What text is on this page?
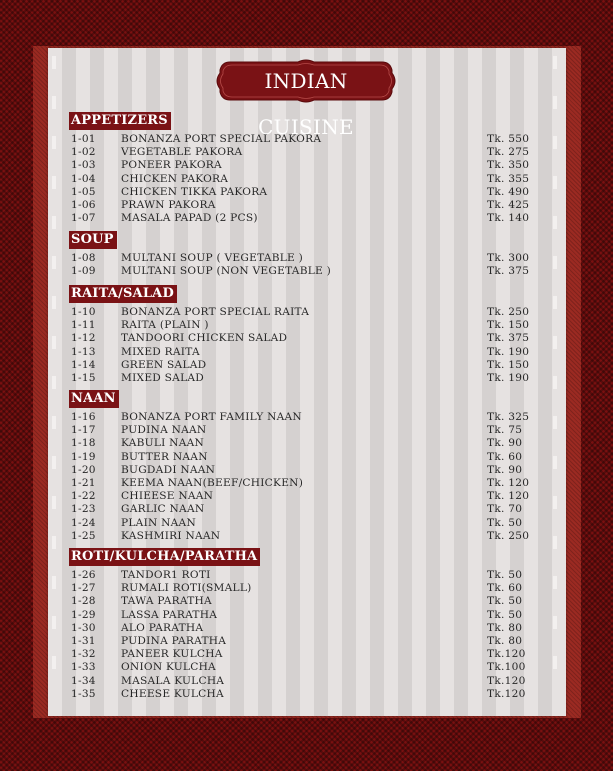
INDIAN CUISINE
APPETIZERS
1-01 BONANZA PORT SPECIAL PAKORA	Tk. 550
1-02 VEGETABLE PAKORA	Tk. 275
1-03 PONEER PAKORA	Tk. 350
1-04 CHICKEN PAKORA	Tk. 355
1-05 CHICKEN TIKKA PAKORA	Tk. 490
1-06 PRAWN PAKORA	Tk. 425
1-07 MASALA PAPAD (2 PCS)	Tk. 140
SOUP
1-08 MULTANI SOUP ( VEGETABLE )	Tk. 300
1-09 MULTANI SOUP (NON VEGETABLE )	Tk. 375
RAITA/SALAD
1-10 BONANZA PORT SPECIAL RAITA	Tk. 250
1-11 RAITA (PLAIN )	Tk. 150
1-12 TANDOORI CHICKEN SALAD	Tk. 375
1-13 MIXED RAITA	Tk. 190
1-14 GREEN SALAD	Tk. 150
1-15 MIXED SALAD	Tk. 190
NAAN
1-16 BONANZA PORT FAMILY NAAN	Tk. 325
1-17 PUDINA NAAN	Tk. 75
1-18 KABULI NAAN	Tk. 90
1-19 BUTTER NAAN	Tk. 60
1-20 BUGDADI NAAN	Tk. 90
1-21 KEEMA NAAN(BEEF/CHICKEN)	Tk. 120
1-22 CHIEESE NAAN	Tk. 120
1-23 GARLIC NAAN	Tk. 70
1-24 PLAIN NAAN	Tk. 50
1-25 KASHMIRI NAAN	Tk. 250
ROTI/KULCHA/PARATHA
1-26 TANDOR1 ROTI	Tk. 50
1-27 RUMALI ROTI(SMALL)	Tk. 60
1-28 TAWA PARATHA	Tk. 50
1-29 LASSA PARATHA	Tk. 50
1-30 ALO PARATHA	Tk. 80
1-31 PUDINA PARATHA	Tk. 80
1-32 PANEER KULCHA	Tk.120
1-33 ONION KULCHA	Tk.100
1-34 MASALA KULCHA	Tk.120
1-35 CHEESE KULCHA	Tk.120
